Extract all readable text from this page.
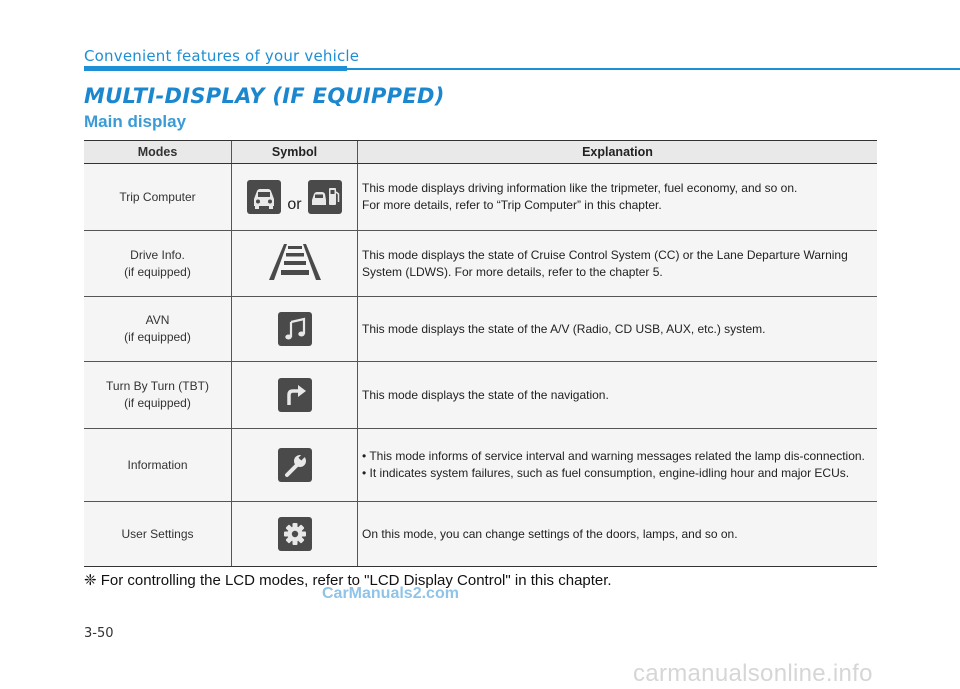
Convenient features of your vehicle
MULTI-DISPLAY (IF EQUIPPED)
Main display
Modes	Symbol	Explanation

Trip Computer	or	This mode displays driving information like the tripmeter, fuel economy, and so on.
For more details, refer to “Trip Computer” in this chapter.

Drive Info.
(if equipped)		This mode displays the state of Cruise Control System (CC) or the Lane Departure Warning System (LDWS). For more details, refer to the chapter 5.

AVN
(if equipped)		This mode displays the state of the A/V (Radio, CD USB, AUX, etc.) system.

Turn By Turn (TBT)
(if equipped)		This mode displays the state of the navigation.

Information		• This mode informs of service interval and warning messages related the lamp dis-connection.
• It indicates system failures, such as fuel consumption, engine-idling hour and major ECUs.

User Settings		On this mode, you can change settings of the doors, lamps, and so on.
❈ For controlling the LCD modes, refer to "LCD Display Control" in this chapter.
CarManuals2.com
3-50
carmanualsonline.info
